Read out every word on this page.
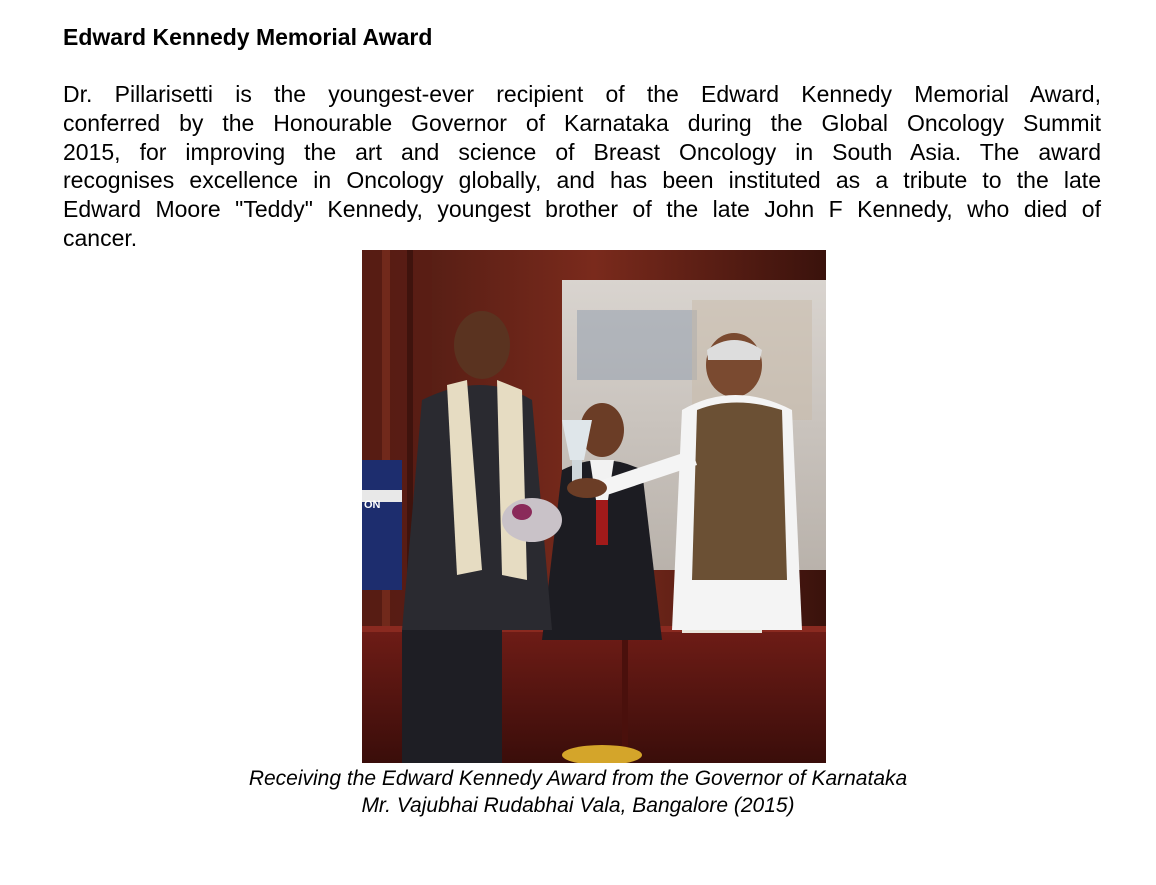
Edward Kennedy Memorial Award
Dr. Pillarisetti is the youngest-ever recipient of the Edward Kennedy Memorial Award,
conferred by the Honourable Governor of Karnataka during the Global Oncology Summit
2015, for improving the art and science of Breast Oncology in South Asia. The award
recognises excellence in Oncology globally, and has been instituted as a tribute to the late
Edward Moore "Teddy" Kennedy, youngest brother of the late John F Kennedy, who died of
cancer.
ON
Receiving the Edward Kennedy Award from the Governor of Karnataka
Mr. Vajubhai Rudabhai Vala, Bangalore (2015)
